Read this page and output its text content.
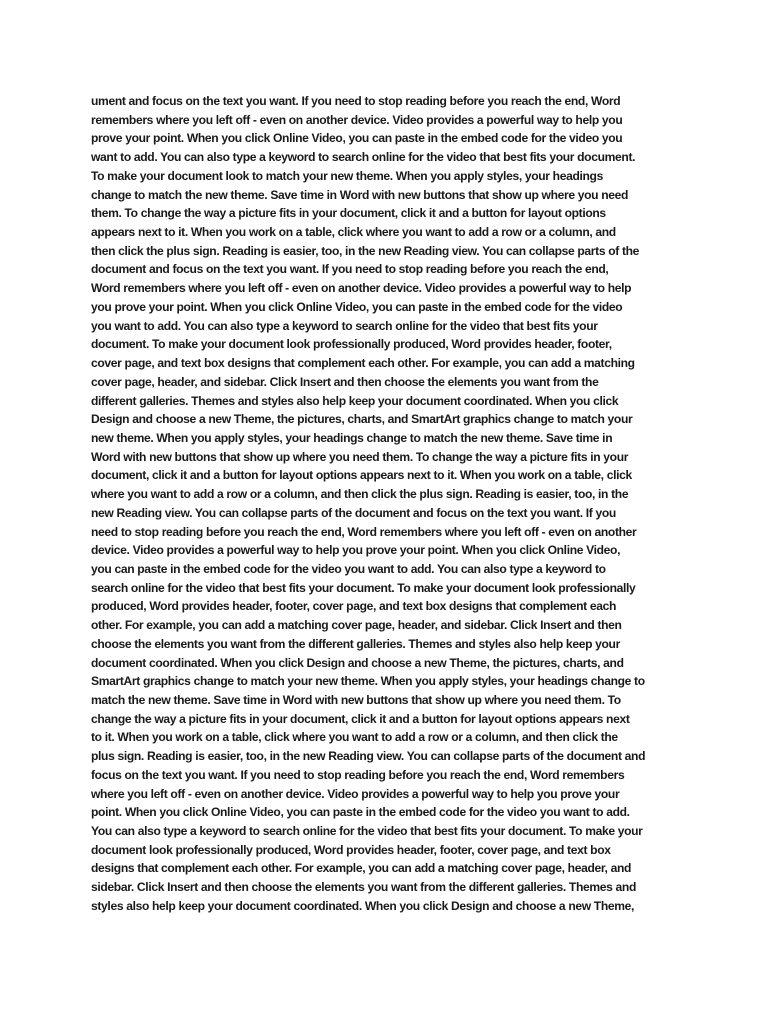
ument and focus on the text you want. If you need to stop reading before you reach the end, Word
remembers where you left off - even on another device. Video provides a powerful way to help you
prove your point. When you click Online Video, you can paste in the embed code for the video you
want to add. You can also type a keyword to search online for the video that best fits your document.
To make your document look to match your new theme. When you apply styles, your headings
change to match the new theme. Save time in Word with new buttons that show up where you need
them. To change the way a picture fits in your document, click it and a button for layout options
appears next to it. When you work on a table, click where you want to add a row or a column, and
then click the plus sign. Reading is easier, too, in the new Reading view. You can collapse parts of the
document and focus on the text you want. If you need to stop reading before you reach the end,
Word remembers where you left off - even on another device. Video provides a powerful way to help
you prove your point. When you click Online Video, you can paste in the embed code for the video
you want to add. You can also type a keyword to search online for the video that best fits your
document. To make your document look professionally produced, Word provides header, footer,
cover page, and text box designs that complement each other. For example, you can add a matching
cover page, header, and sidebar. Click Insert and then choose the elements you want from the
different galleries. Themes and styles also help keep your document coordinated. When you click
Design and choose a new Theme, the pictures, charts, and SmartArt graphics change to match your
new theme. When you apply styles, your headings change to match the new theme. Save time in
Word with new buttons that show up where you need them. To change the way a picture fits in your
document, click it and a button for layout options appears next to it. When you work on a table, click
where you want to add a row or a column, and then click the plus sign. Reading is easier, too, in the
new Reading view. You can collapse parts of the document and focus on the text you want. If you
need to stop reading before you reach the end, Word remembers where you left off - even on another
device. Video provides a powerful way to help you prove your point. When you click Online Video,
you can paste in the embed code for the video you want to add. You can also type a keyword to
search online for the video that best fits your document. To make your document look professionally
produced, Word provides header, footer, cover page, and text box designs that complement each
other. For example, you can add a matching cover page, header, and sidebar. Click Insert and then
choose the elements you want from the different galleries. Themes and styles also help keep your
document coordinated. When you click Design and choose a new Theme, the pictures, charts, and
SmartArt graphics change to match your new theme. When you apply styles, your headings change to
match the new theme. Save time in Word with new buttons that show up where you need them. To
change the way a picture fits in your document, click it and a button for layout options appears next
to it. When you work on a table, click where you want to add a row or a column, and then click the
plus sign. Reading is easier, too, in the new Reading view. You can collapse parts of the document and
focus on the text you want. If you need to stop reading before you reach the end, Word remembers
where you left off - even on another device. Video provides a powerful way to help you prove your
point. When you click Online Video, you can paste in the embed code for the video you want to add.
You can also type a keyword to search online for the video that best fits your document. To make your
document look professionally produced, Word provides header, footer, cover page, and text box
designs that complement each other. For example, you can add a matching cover page, header, and
sidebar. Click Insert and then choose the elements you want from the different galleries. Themes and
styles also help keep your document coordinated. When you click Design and choose a new Theme,
